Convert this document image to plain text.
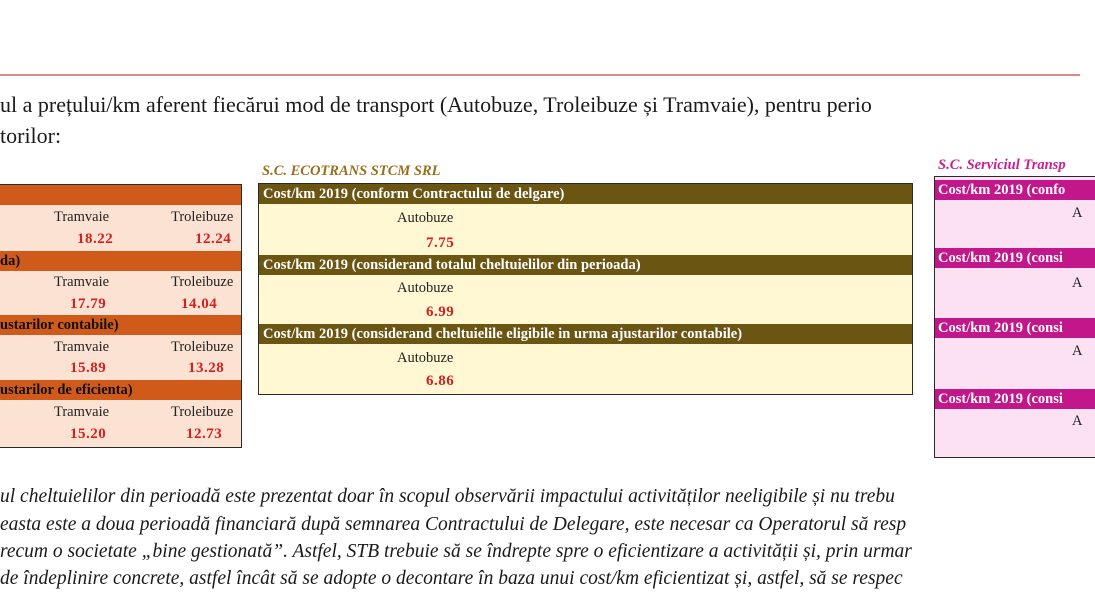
ul a prețului/km aferent fiecărui mod de transport (Autobuze, Troleibuze și Tramvaie), pentru perio
torilor:
Tramvaie	Troleibuze
18.22	12.24
da)
Tramvaie	Troleibuze
17.79	14.04
ustarilor contabile)
Tramvaie	Troleibuze
15.89	13.28
ustarilor de eficienta)
Tramvaie	Troleibuze
15.20	12.73
S.C. ECOTRANS STCM SRL
Cost/km 2019 (conform Contractului de delgare)
Autobuze
7.75
Cost/km 2019 (considerand totalul cheltuielilor din perioada)
Autobuze
6.99
Cost/km 2019 (considerand cheltuielile eligibile in urma ajustarilor contabile)
Autobuze
6.86
S.C. Serviciul Transp
Cost/km 2019 (confo
A
Cost/km 2019 (consi
A
Cost/km 2019 (consi
A
Cost/km 2019 (consi
A
ul cheltuielilor din perioadă este prezentat doar în scopul observării impactului activităților neeligibile și nu trebu
easta este a doua perioadă financiară după semnarea Contractului de Delegare, este necesar ca Operatorul să resp
recum o societate „bine gestionată”. Astfel, STB trebuie să se îndrepte spre o eficientizare a activității și, prin urmar
de îndeplinire concrete, astfel încât să se adopte o decontare în baza unui cost/km eficientizat și, astfel, să se respec
